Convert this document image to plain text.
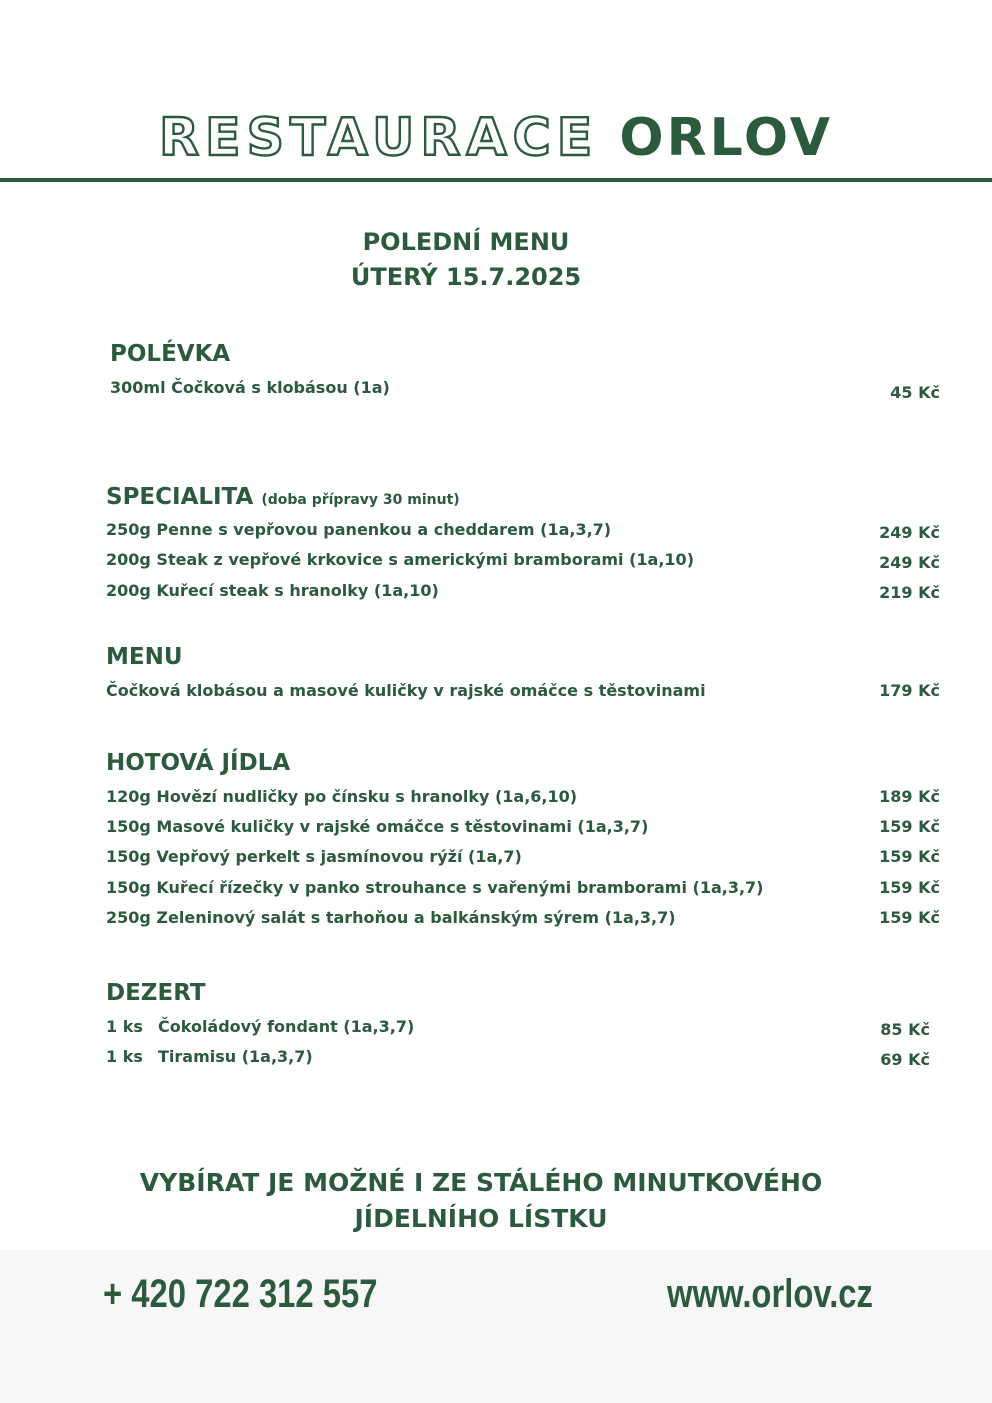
RESTAURACE ORLOV
POLEDNÍ MENU
ÚTERÝ 15.7.2025
POLÉVKA
300ml Čočková s klobásou (1a)	45 Kč
SPECIALITA (doba přípravy 30 minut)
250g Penne s vepřovou panenkou a cheddarem (1a,3,7)	249 Kč
200g Steak z vepřové krkovice s americkými bramborami (1a,10)	249 Kč
200g Kuřecí steak s hranolky (1a,10)	219 Kč
MENU
Čočková klobásou a masové kuličky v rajské omáčce s těstovinami	179 Kč
HOTOVÁ JÍDLA
120g Hovězí nudličky po čínsku s hranolky (1a,6,10)	189 Kč
150g Masové kuličky v rajské omáčce s těstovinami (1a,3,7)	159 Kč
150g Vepřový perkelt s jasmínovou rýží (1a,7)	159 Kč
150g Kuřecí řízečky v panko strouhance s vařenými bramborami (1a,3,7)	159 Kč
250g Zeleninový salát s tarhoňou a balkánským sýrem (1a,3,7)	159 Kč
DEZERT
1 ks Čokoládový fondant (1a,3,7)	85 Kč
1 ks Tiramisu (1a,3,7)	69 Kč
VYBÍRAT JE MOŽNÉ I ZE STÁLÉHO MINUTKOVÉHO
JÍDELNÍHO LÍSTKU
+ 420 722 312 557	www.orlov.cz
